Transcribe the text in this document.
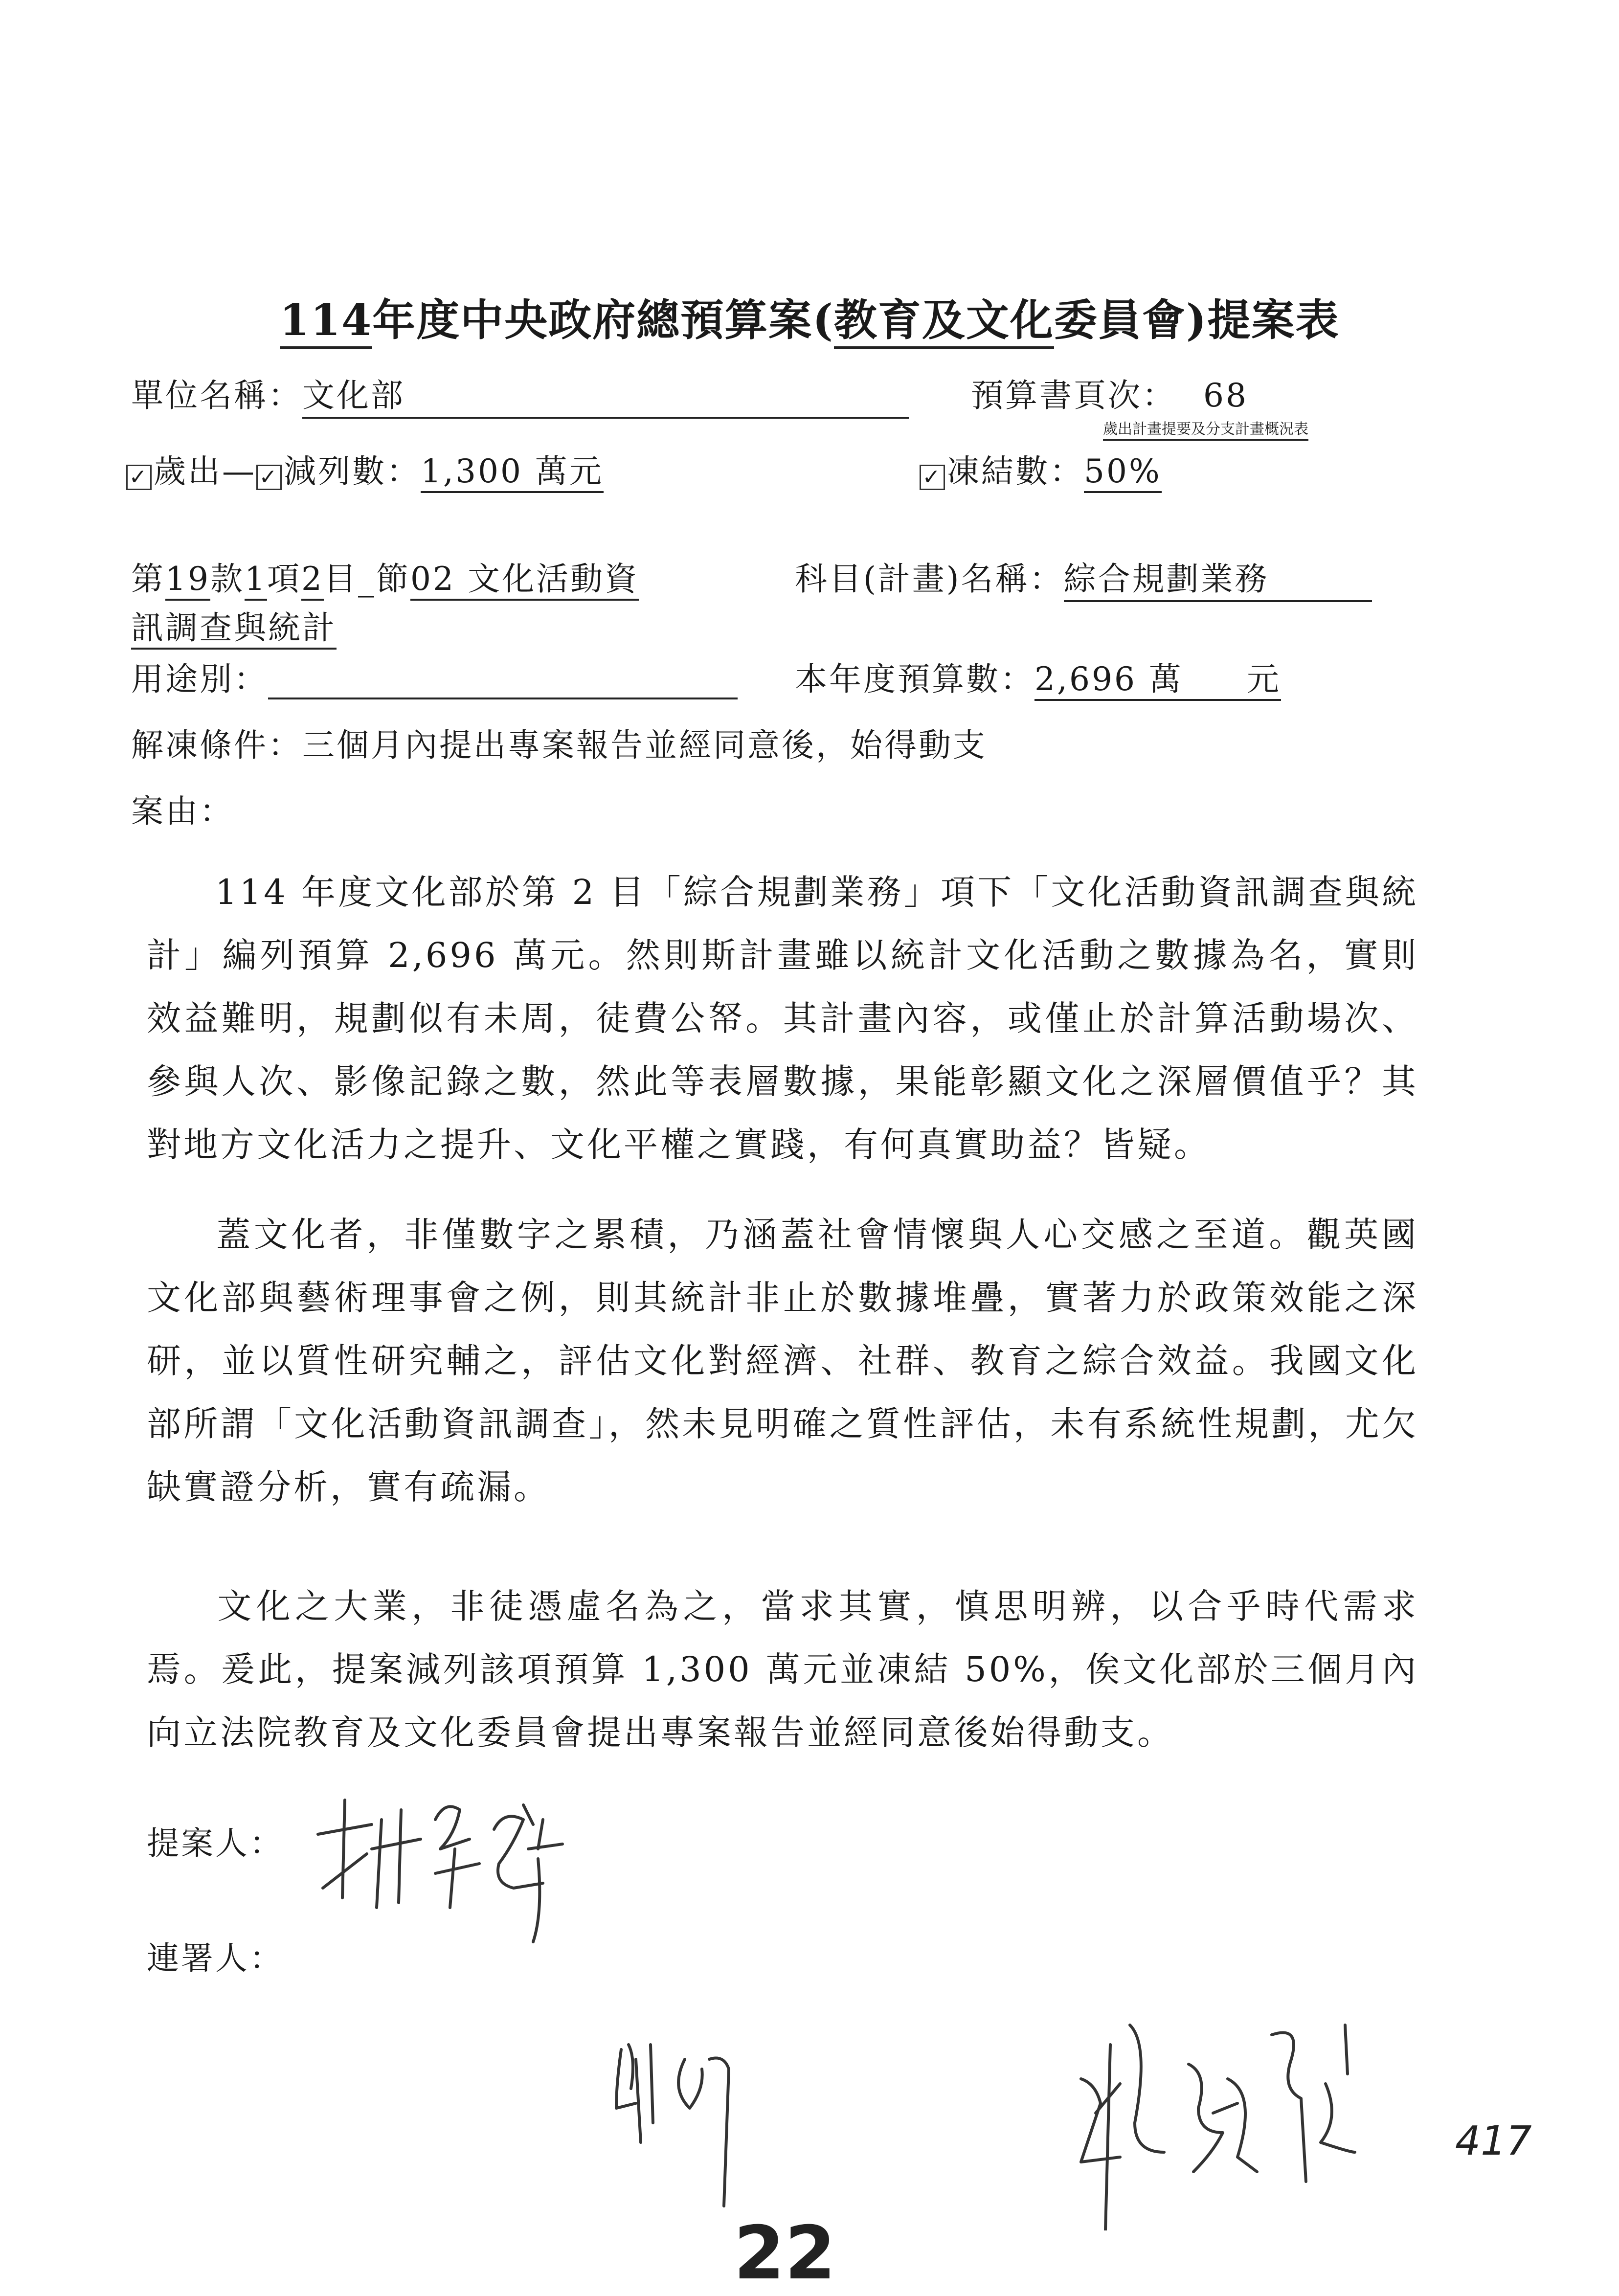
114年度中央政府總預算案(教育及文化委員會)提案表
單位名稱：文化部	預算書頁次： 68
歲出計畫提要及分支計畫概況表
✓ 歲出— ✓ 減列數：1,300 萬元	✓ 凍結數：50%
第19款1項2目_節02 文化活動資
訊調查與統計
科目(計畫)名稱：綜合規劃業務
用途別：	本年度預算數：2,696 萬 元
解凍條件：三個月內提出專案報告並經同意後，始得動支
案由：
114 年度文化部於第 2 目「綜合規劃業務」項下「文化活動資訊調查與統計」編列預算 2,696 萬元。然則斯計畫雖以統計文化活動之數據為名，實則效益難明，規劃似有未周，徒費公帑。其計畫內容，或僅止於計算活動場次、參與人次、影像記錄之數，然此等表層數據，果能彰顯文化之深層價值乎？其對地方文化活力之提升、文化平權之實踐，有何真實助益？皆疑。
蓋文化者，非僅數字之累積，乃涵蓋社會情懷與人心交感之至道。觀英國文化部與藝術理事會之例，則其統計非止於數據堆疊，實著力於政策效能之深研，並以質性研究輔之，評估文化對經濟、社群、教育之綜合效益。我國文化部所謂「文化活動資訊調查」，然未見明確之質性評估，未有系統性規劃，尤欠缺實證分析，實有疏漏。
文化之大業，非徒憑虛名為之，當求其實，慎思明辨，以合乎時代需求焉。爰此，提案減列該項預算 1,300 萬元並凍結 50%，俟文化部於三個月內向立法院教育及文化委員會提出專案報告並經同意後始得動支。
提案人：
連署人：
22
417
